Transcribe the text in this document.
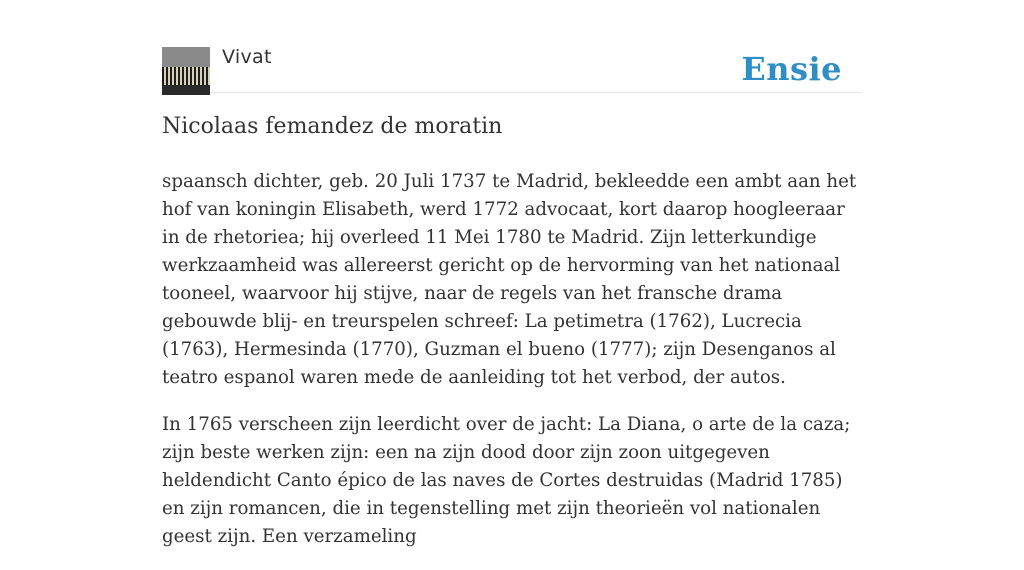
Vivat	Ensie
Nicolaas femandez de moratin

spaansch dichter, geb. 20 Juli 1737 te Madrid, bekleedde een ambt aan het hof van koningin Elisabeth, werd 1772 advocaat, kort daarop hoogleeraar in de rhetoriea; hij overleed 11 Mei 1780 te Madrid. Zijn letterkundige werkzaamheid was allereerst gericht op de hervorming van het nationaal tooneel, waarvoor hij stijve, naar de regels van het fransche drama gebouwde blij- en treurspelen schreef: La petimetra (1762), Lucrecia (1763), Hermesinda (1770), Guzman el bueno (1777); zijn Desenganos al teatro espanol waren mede de aanleiding tot het verbod, der autos.

In 1765 verscheen zijn leerdicht over de jacht: La Diana, o arte de la caza; zijn beste werken zijn: een na zijn dood door zijn zoon uitgegeven heldendicht Canto épico de las naves de Cortes destruidas (Madrid 1785) en zijn romancen, die in tegenstelling met zijn theorieën vol nationalen geest zijn. Een verzameling
